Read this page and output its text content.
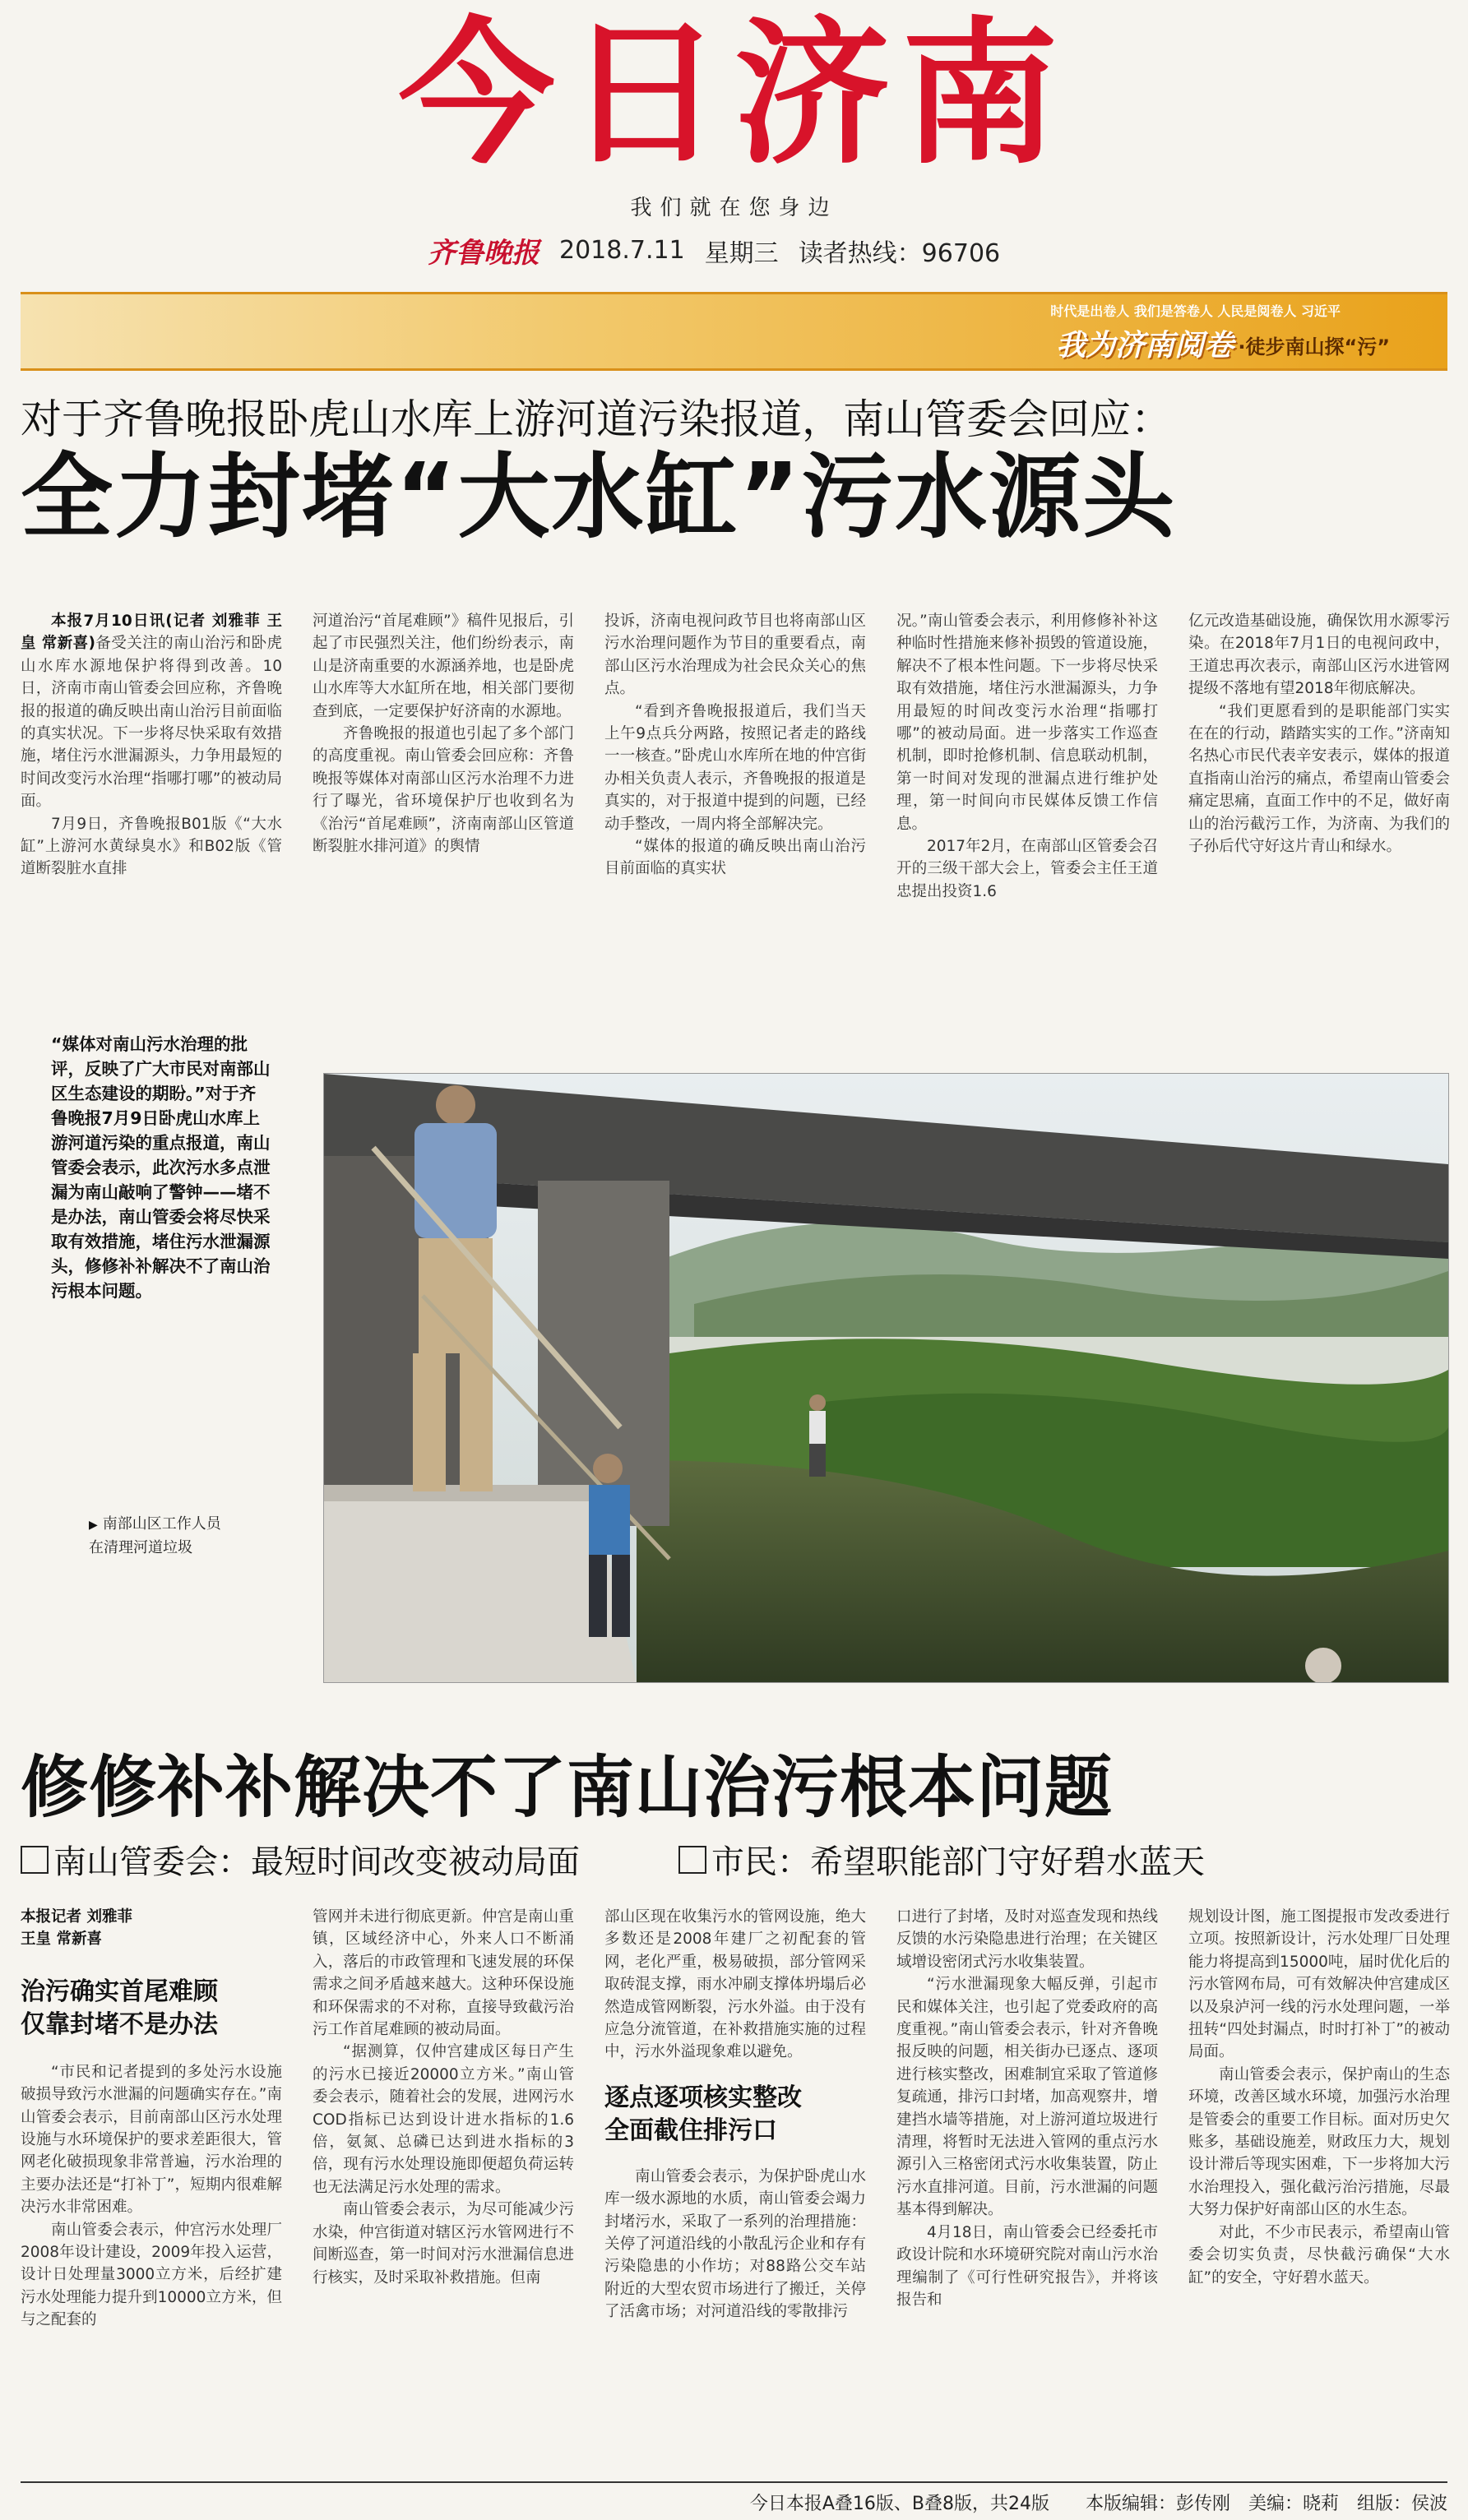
今日济南
我们就在您身边
齐鲁晚报 2018.7.11 星期三 读者热线：96706
时代是出卷人 我们是答卷人 人民是阅卷人 习近平
我为济南阅卷 ·徒步南山探“污”
对于齐鲁晚报卧虎山水库上游河道污染报道，南山管委会回应：
全力封堵“大水缸”污水源头

本报7月10日讯(记者 刘雅菲 王皇 常新喜)备受关注的南山治污和卧虎山水库水源地保护将得到改善。10日，济南市南山管委会回应称，齐鲁晚报的报道的确反映出南山治污目前面临的真实状况。下一步将尽快采取有效措施，堵住污水泄漏源头，力争用最短的时间改变污水治理“指哪打哪”的被动局面。

7月9日，齐鲁晚报B01版《“大水缸”上游河水黄绿臭水》和B02版《管道断裂脏水直排

河道治污“首尾难顾”》稿件见报后，引起了市民强烈关注，他们纷纷表示，南山是济南重要的水源涵养地，也是卧虎山水库等大水缸所在地，相关部门要彻查到底，一定要保护好济南的水源地。

齐鲁晚报的报道也引起了多个部门的高度重视。南山管委会回应称：齐鲁晚报等媒体对南部山区污水治理不力进行了曝光，省环境保护厅也收到名为《治污“首尾难顾”，济南南部山区管道断裂脏水排河道》的舆情

投诉，济南电视问政节目也将南部山区污水治理问题作为节目的重要看点，南部山区污水治理成为社会民众关心的焦点。

“看到齐鲁晚报报道后，我们当天上午9点兵分两路，按照记者走的路线一一核查。”卧虎山水库所在地的仲宫街办相关负责人表示，齐鲁晚报的报道是真实的，对于报道中提到的问题，已经动手整改，一周内将全部解决完。

“媒体的报道的确反映出南山治污目前面临的真实状

况。”南山管委会表示，利用修修补补这种临时性措施来修补损毁的管道设施，解决不了根本性问题。下一步将尽快采取有效措施，堵住污水泄漏源头，力争用最短的时间改变污水治理“指哪打哪”的被动局面。进一步落实工作巡查机制，即时抢修机制、信息联动机制，第一时间对发现的泄漏点进行维护处理，第一时间向市民媒体反馈工作信息。

2017年2月，在南部山区管委会召开的三级干部大会上，管委会主任王道忠提出投资1.6

亿元改造基础设施，确保饮用水源零污染。在2018年7月1日的电视问政中，王道忠再次表示，南部山区污水进管网提级不落地有望2018年彻底解决。

“我们更愿看到的是职能部门实实在在的行动，踏踏实实的工作。”济南知名热心市民代表辛安表示，媒体的报道直指南山治污的痛点，希望南山管委会痛定思痛，直面工作中的不足，做好南山的治污截污工作，为济南、为我们的子孙后代守好这片青山和绿水。

“媒体对南山污水治理的批评，反映了广大市民对南部山区生态建设的期盼。”对于齐鲁晚报7月9日卧虎山水库上游河道污染的重点报道，南山管委会表示，此次污水多点泄漏为南山敲响了警钟——堵不是办法，南山管委会将尽快采取有效措施，堵住污水泄漏源头，修修补补解决不了南山治污根本问题。
▶ 南部山区工作人员
在清理河道垃圾
修修补补解决不了南山治污根本问题
南山管委会：最短时间改变被动局面	市民：希望职能部门守好碧水蓝天
本报记者 刘雅菲
王皇 常新喜
治污确实首尾难顾
仅靠封堵不是办法

“市民和记者提到的多处污水设施破损导致污水泄漏的问题确实存在。”南山管委会表示，目前南部山区污水处理设施与水环境保护的要求差距很大，管网老化破损现象非常普遍，污水治理的主要办法还是“打补丁”，短期内很难解决污水非常困难。

南山管委会表示，仲宫污水处理厂2008年设计建设，2009年投入运营，设计日处理量3000立方米，后经扩建污水处理能力提升到10000立方米，但与之配套的

管网并未进行彻底更新。仲宫是南山重镇，区域经济中心，外来人口不断涌入，落后的市政管理和飞速发展的环保需求之间矛盾越来越大。这种环保设施和环保需求的不对称，直接导致截污治污工作首尾难顾的被动局面。

“据测算，仅仲宫建成区每日产生的污水已接近20000立方米。”南山管委会表示，随着社会的发展，进网污水COD指标已达到设计进水指标的1.6倍，氨氮、总磷已达到进水指标的3倍，现有污水处理设施即便超负荷运转也无法满足污水处理的需求。

南山管委会表示，为尽可能减少污水染，仲宫街道对辖区污水管网进行不间断巡查，第一时间对污水泄漏信息进行核实，及时采取补救措施。但南

部山区现在收集污水的管网设施，绝大多数还是2008年建厂之初配套的管网，老化严重，极易破损，部分管网采取砖混支撑，雨水冲刷支撑体坍塌后必然造成管网断裂，污水外溢。由于没有应急分流管道，在补救措施实施的过程中，污水外溢现象难以避免。

逐点逐项核实整改
全面截住排污口

南山管委会表示，为保护卧虎山水库一级水源地的水质，南山管委会竭力封堵污水，采取了一系列的治理措施：关停了河道沿线的小散乱污企业和存有污染隐患的小作坊；对88路公交车站附近的大型农贸市场进行了搬迁，关停了活禽市场；对河道沿线的零散排污

口进行了封堵，及时对巡查发现和热线反馈的水污染隐患进行治理；在关键区域增设密闭式污水收集装置。

“污水泄漏现象大幅反弹，引起市民和媒体关注，也引起了党委政府的高度重视。”南山管委会表示，针对齐鲁晚报反映的问题，相关街办已逐点、逐项进行核实整改，困难制宜采取了管道修复疏通，排污口封堵，加高观察井，增建挡水墙等措施，对上游河道垃圾进行清理，将暂时无法进入管网的重点污水源引入三格密闭式污水收集装置，防止污水直排河道。目前，污水泄漏的问题基本得到解决。

4月18日，南山管委会已经委托市政设计院和水环境研究院对南山污水治理编制了《可行性研究报告》，并将该报告和

规划设计图，施工图提报市发改委进行立项。按照新设计，污水处理厂日处理能力将提高到15000吨，届时优化后的污水管网布局，可有效解决仲宫建成区以及泉泸河一线的污水处理问题，一举扭转“四处封漏点，时时打补丁”的被动局面。

南山管委会表示，保护南山的生态环境，改善区域水环境，加强污水治理是管委会的重要工作目标。面对历史欠账多，基础设施差，财政压力大，规划设计滞后等现实困难，下一步将加大污水治理投入，强化截污治污措施，尽最大努力保护好南部山区的水生态。

对此，不少市民表示，希望南山管委会切实负责，尽快截污确保“大水缸”的安全，守好碧水蓝天。

今日本报A叠16版、B叠8版，共24版　　本版编辑：彭传刚　美编：晓莉　组版：侯波
